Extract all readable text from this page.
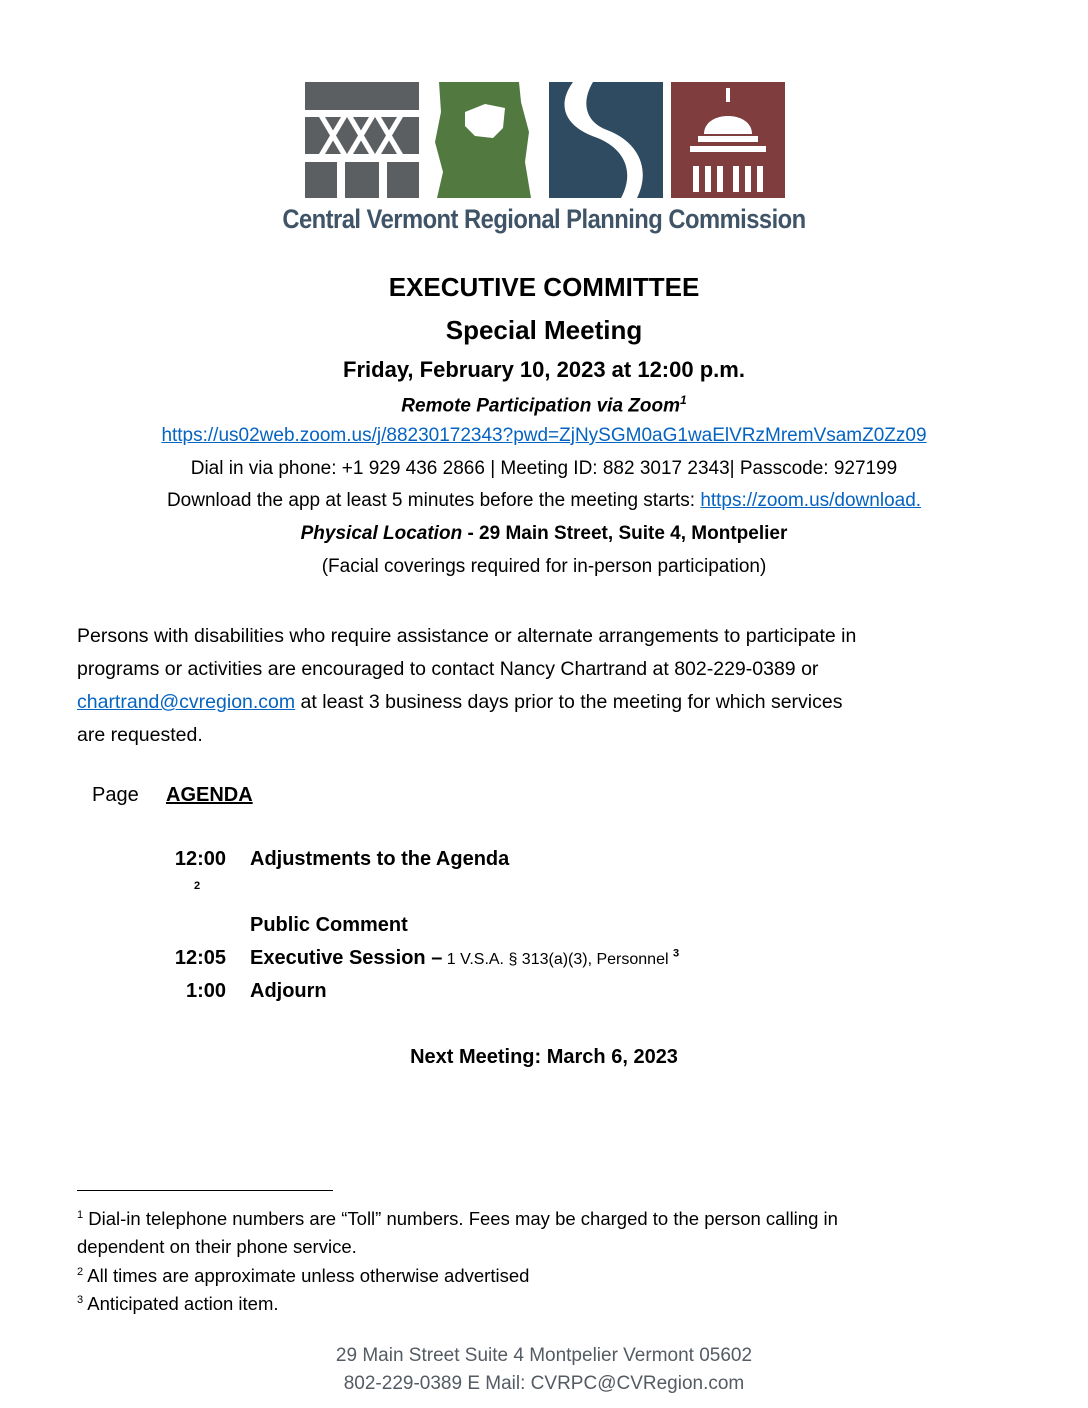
Central Vermont Regional Planning Commission
EXECUTIVE COMMITTEE
Special Meeting
Friday, February 10, 2023 at 12:00 p.m.
Remote Participation via Zoom$^1$
https://us02web.zoom.us/j/88230172343?pwd=ZjNySGM0aG1waElVRzMremVsamZ0Zz09
Dial in via phone: +1 929 436 2866 | Meeting ID: 882 3017 2343| Passcode: 927199
Download the app at least 5 minutes before the meeting starts: https://zoom.us/download.
Physical Location - 29 Main Street, Suite 4, Montpelier
(Facial coverings required for in-person participation)
Persons with disabilities who require assistance or alternate arrangements to participate in
programs or activities are encouraged to contact Nancy Chartrand at 802-229-0389 or
chartrand@cvregion.com at least 3 business days prior to the meeting for which services
are requested.
Page AGENDA
12:00 Adjustments to the Agenda
2
Public Comment
12:05 Executive Session – 1 V.S.A. § 313(a)(3), Personnel $^3$
1:00 Adjourn
Next Meeting: March 6, 2023
$^1$ Dial-in telephone numbers are “Toll” numbers. Fees may be charged to the person calling in
dependent on their phone service.
$^2$ All times are approximate unless otherwise advertised
$^3$ Anticipated action item.
29 Main Street Suite 4 Montpelier Vermont 05602
802-229-0389 E Mail: CVRPC@CVRegion.com
